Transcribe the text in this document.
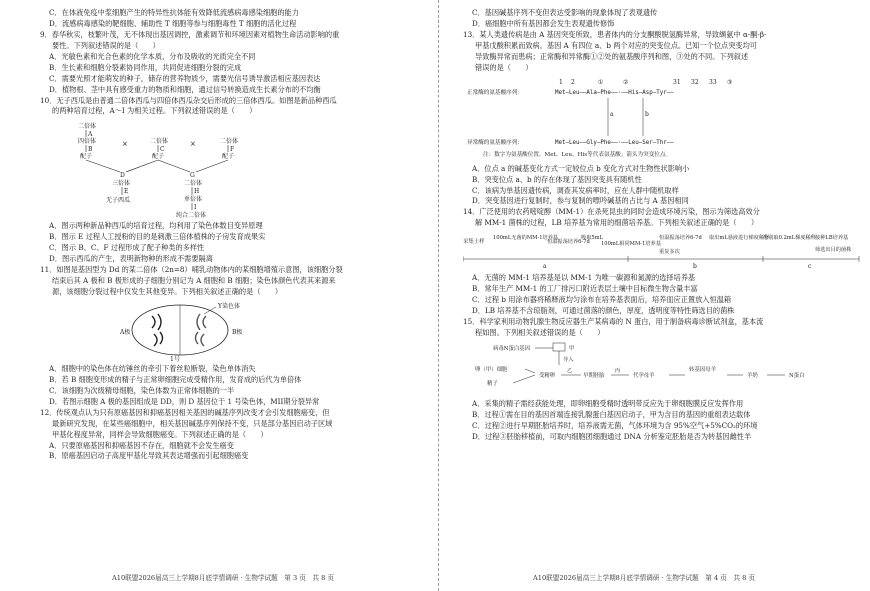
C．在体液免疫中浆细胞产生的特异性抗体能有效降低流感病毒感染细胞的能力
D．流感病毒感染的靶细胞、辅助性 T 细胞等参与细胞毒性 T 细胞的活化过程
9．春华秋实，枝繁叶茂，无不体现出基因调控，激素调节和环境因素对植物生命活动影响的重
要性。下列叙述错误的是（　　）
A．光敏色素和光合色素的化学本质、分布及吸收的光质完全不同
B．生长素和细胞分裂素协同作用，共同促进细胞分裂的完成
C．需要光照才能萌发的种子，储存的营养物质少，需要光信号诱导激活相应基因表达
D．植物根、茎中具有感受重力的物质和细胞，通过信号转换造成生长素分布的不均衡
10．无子西瓜是由普通二倍体西瓜与四倍体西瓜杂交后形成的三倍体西瓜。如图是新品种西瓜
的两种培育过程，A～I 为相关过程。下列叙述错误的是（　　）
二倍体
A
四倍体
B
配子
×	二倍体
C
配子
×	二倍体
F
配子
D	G
三倍体
E
无子西瓜
二倍体
H
单倍体
I
纯合二倍体
A．图示两种新品种西瓜的培育过程，均利用了染色体数目变异原理
B．图示 E 过程人工授粉的目的是刺激三倍体植株的子房发育成果实
C．图示 B、C、F 过程形成了配子种类的多样性
D．图示西瓜的产生，表明新物种的形成不需要隔离
11．如图是基因型为 Dd 的某二倍体（2n=8）哺乳动物体内的某细胞增殖示意图，该细胞分裂
结束后其 A 极和 B 极形成的子细胞分别记为 A 细胞和 B 细胞；染色体颜色代表其来源来
源，该细胞分裂过程中仅发生其他变异。下列相关叙述正确的是（　　）
A极	B极
Y染色体
1号
A．细胞中的染色体在纺锤丝的牵引下着丝粒断裂，染色单体消失
B．若 B 细胞变形成的精子与正常卵细胞完成受精作用，发育成的后代为单倍体
C．该细胞为次级精母细胞，染色体数为正常体细胞的一半
D．若图示细胞 A 极的基因组成是 DD，则 D 基因位于 1 号染色体，MII期分裂异常
12．传统观点认为只有原癌基因和抑癌基因相关基因的碱基序列改变才会引发细胞癌变，但
最新研究发现，在某些癌细胞中，相关基因碱基序列保持不变，只是部分基因启动子区域
甲基化程度异常，同样会导致细胞癌变。下列叙述正确的是（　　）
A．只要原癌基因和抑癌基因不存在，细胞就不会发生癌变
B．原癌基因启动子高度甲基化导致其表达增强而引起细胞癌变
A10联盟2026届高三上学期8月底学情调研 · 生物学试题　第 3 页　共 8 页
C．基因碱基序列不变但表达受影响的现象体现了表观遗传
D．癌细胞中所有基因都会发生表观遗传修饰
13．某人类遗传病是由 A 基因突变所致，患者体内的分支酮酸脱氢酶异常，导致缬氨中 α-酮-β-
甲基戊酸积累而致病。基因 A 有四位 a、b 两个对应的突变位点。已知一个位点突变均可
导致酶异常而患病；正常酶和异常酶①②处的氨基酸序列和图，③处的不同。下列叙述
错误的是（　　）
1 2	①	②	31 32 33 ③
正常酶的氨基酸序列：	Met—Leu——Ala—Phe——·——His—Asp—Tyr——
a	b
异常酶的氨基酸序列：	Met—Leu——Gly—Phe——·——Leu—Ser—Thr——
注：数字为氨基酸位置，Met、Leu、His等代表氨基酸；箭头为突变位点。
A．位点 a 的碱基变化方式一定较位点 b 变化方式对生物性状影响小
B．突变位点 a、b 的存在体现了基因突变具有随机性
C．该病为单基因遗传病，调查其发病率时，应在人群中随机取样
D．突变基因进行复制时，参与复制的嘌呤碱基的占比与 A 基因相同
14．广泛使用的农药嘧啶醇（MM-1）在杀死昆虫的同时会造成环境污染，图示为筛选高效分
解 MM-1 菌株的过程，LB 培养基为常用的细菌培养基。下列相关叙述正确的是（　　）
采集土样
100mL无菌的MM-1培养基
恒温振荡培养6-7d
吸取5mL
100mL相同MM-1培养基
恒温振荡培养6-7d
重复多次
取出mL悬液进行梯度稀释
分别取0.2mL梯度稀释 接种LB培养基
筛选出目的菌株
a	b	c
A．无菌的 MM-1 培养基是以 MM-1 为唯一碳源和氮源的选择培养基
B．常年生产 MM-1 的工厂排污口附近表层土壤中目标微生物含量丰富
C．过程 b 用涂布器将稀释液均匀涂布在培养基表面后，培养皿应正置放入恒温箱
D．LB 培养基不含琼脂剂，可通过菌落的颜色，厚度，透明度等特性筛选目的菌株
15．科学家利用动物乳腺生物反应器生产某病毒的 N 蛋白，用于制备病毒诊断试剂盒，基本流
程如图。下列相关叙述错误的是（　　）
病毒N蛋白基因	甲
导入
卵（甲）细胞
精子
受精卵
乙
早期胚胎
丙
代孕母羊
转基因母羊
羊奶	N蛋白
A．采集的精子需经获能处理，即卵细胞受精时透明带反应先于卵细胞膜反应发挥作用
B．过程①需在目的基因首端连接乳腺蛋白基因启动子，甲为含目的基因的重组表达载体
C．过程②进行早期胚胎培养时，培养液需无菌，气体环境为含 95%空气+5%CO₂的环境
D．过程③胚胎移植前，可取内细胞团细胞通过 DNA 分析鉴定胚胎是否为转基因雌性羊
A10联盟2026届高三上学期8月底学情调研 · 生物学试题　第 4 页　共 8 页
